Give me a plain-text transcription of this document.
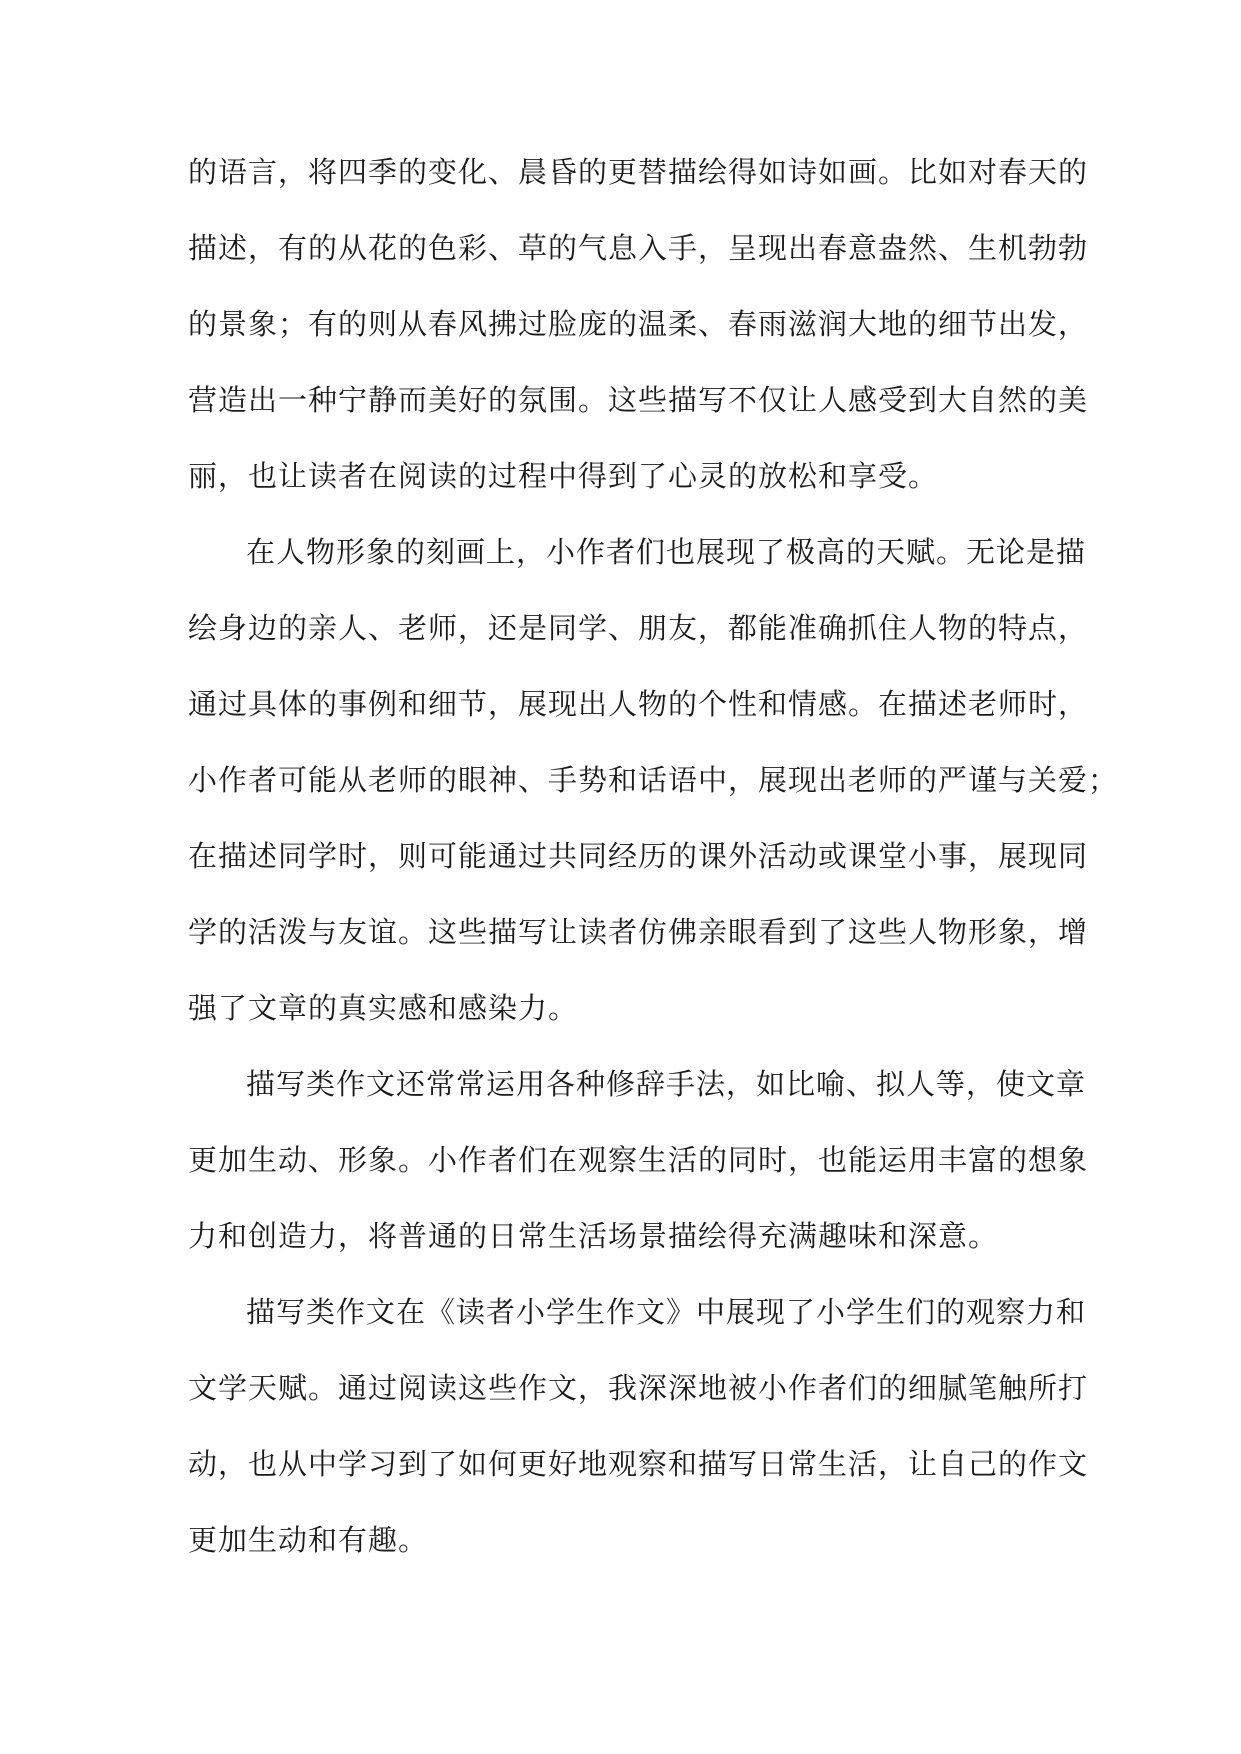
的语言，将四季的变化、晨昏的更替描绘得如诗如画。比如对春天的
描述，有的从花的色彩、草的气息入手，呈现出春意盎然、生机勃勃
的景象；有的则从春风拂过脸庞的温柔、春雨滋润大地的细节出发，
营造出一种宁静而美好的氛围。这些描写不仅让人感受到大自然的美
丽，也让读者在阅读的过程中得到了心灵的放松和享受。
在人物形象的刻画上，小作者们也展现了极高的天赋。无论是描
绘身边的亲人、老师，还是同学、朋友，都能准确抓住人物的特点，
通过具体的事例和细节，展现出人物的个性和情感。在描述老师时，
小作者可能从老师的眼神、手势和话语中，展现出老师的严谨与关爱；
在描述同学时，则可能通过共同经历的课外活动或课堂小事，展现同
学的活泼与友谊。这些描写让读者仿佛亲眼看到了这些人物形象，增
强了文章的真实感和感染力。
描写类作文还常常运用各种修辞手法，如比喻、拟人等，使文章
更加生动、形象。小作者们在观察生活的同时，也能运用丰富的想象
力和创造力，将普通的日常生活场景描绘得充满趣味和深意。
描写类作文在《读者小学生作文》中展现了小学生们的观察力和
文学天赋。通过阅读这些作文，我深深地被小作者们的细腻笔触所打
动，也从中学习到了如何更好地观察和描写日常生活，让自己的作文
更加生动和有趣。
